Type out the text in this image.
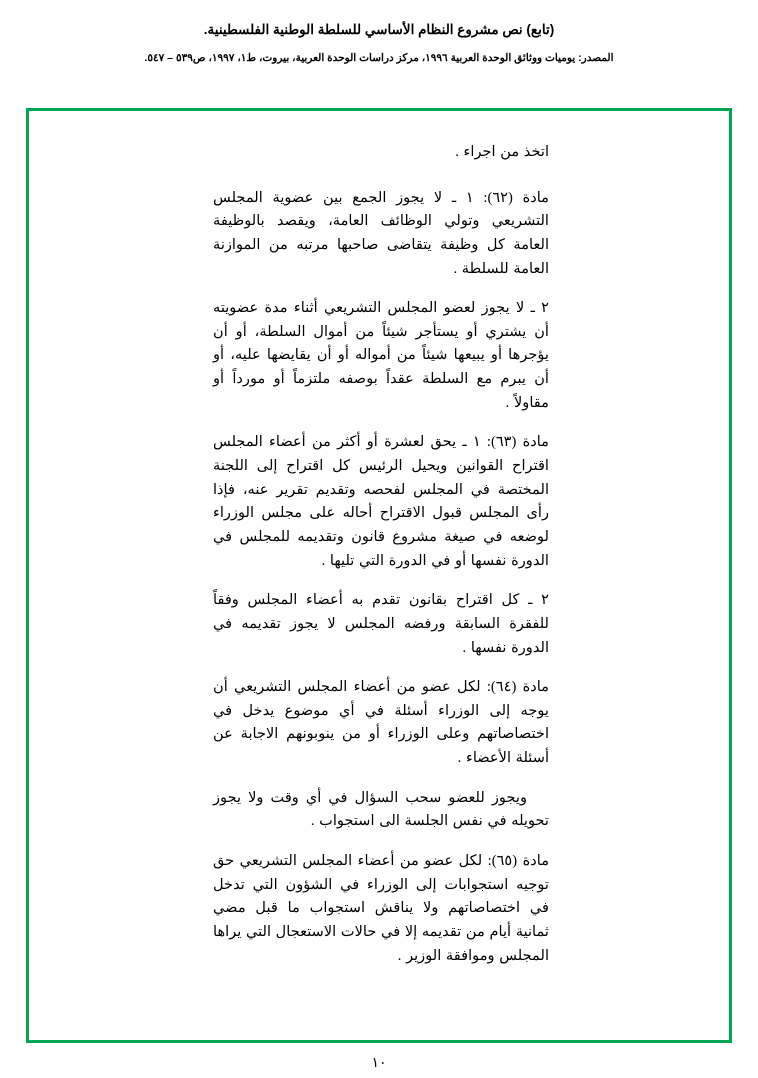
(تابع) نص مشروع النظام الأساسي للسلطة الوطنية الفلسطينية.
المصدر: يوميات ووثائق الوحدة العربية ١٩٩٦، مركز دراسات الوحدة العربية، بيروت، ط١، ١٩٩٧، ص٥٣٩ – ٥٤٧.

اتخذ من اجراء .

مادة (٦٢): ١ ـ لا يجوز الجمع بين عضوية المجلس التشريعي وتولي الوظائف العامة، ويقصد بالوظيفة العامة كل وظيفة يتقاضى صاحبها مرتبه من الموازنة العامة للسلطة .

٢ ـ لا يجوز لعضو المجلس التشريعي أثناء مدة عضويته أن يشتري أو يستأجر شيئاً من أموال السلطة، أو أن يؤجرها أو يبيعها شيئاً من أمواله أو أن يقايضها عليه، أو أن يبرم مع السلطة عقداً بوصفه ملتزماً أو مورداً أو مقاولاً .

مادة (٦٣): ١ ـ يحق لعشرة أو أكثر من أعضاء المجلس اقتراح القوانين ويحيل الرئيس كل اقتراح إلى اللجنة المختصة في المجلس لفحصه وتقديم تقرير عنه، فإذا رأى المجلس قبول الاقتراح أحاله على مجلس الوزراء لوضعه في صيغة مشروع قانون وتقديمه للمجلس في الدورة نفسها أو في الدورة التي تليها .

٢ ـ كل اقتراح بقانون تقدم به أعضاء المجلس وفقاً للفقرة السابقة ورفضه المجلس لا يجوز تقديمه في الدورة نفسها .

مادة (٦٤): لكل عضو من أعضاء المجلس التشريعي أن يوجه إلى الوزراء أسئلة في أي موضوع يدخل في اختصاصاتهم وعلى الوزراء أو من ينوبونهم الاجابة عن أسئلة الأعضاء .

ويجوز للعضو سحب السؤال في أي وقت ولا يجوز تحويله في نفس الجلسة الى استجواب .

مادة (٦٥): لكل عضو من أعضاء المجلس التشريعي حق توجيه استجوابات إلى الوزراء في الشؤون التي تدخل في اختصاصاتهم ولا يناقش استجواب ما قبل مضي ثمانية أيام من تقديمه إلا في حالات الاستعجال التي يراها المجلس وموافقة الوزير .

١٠
